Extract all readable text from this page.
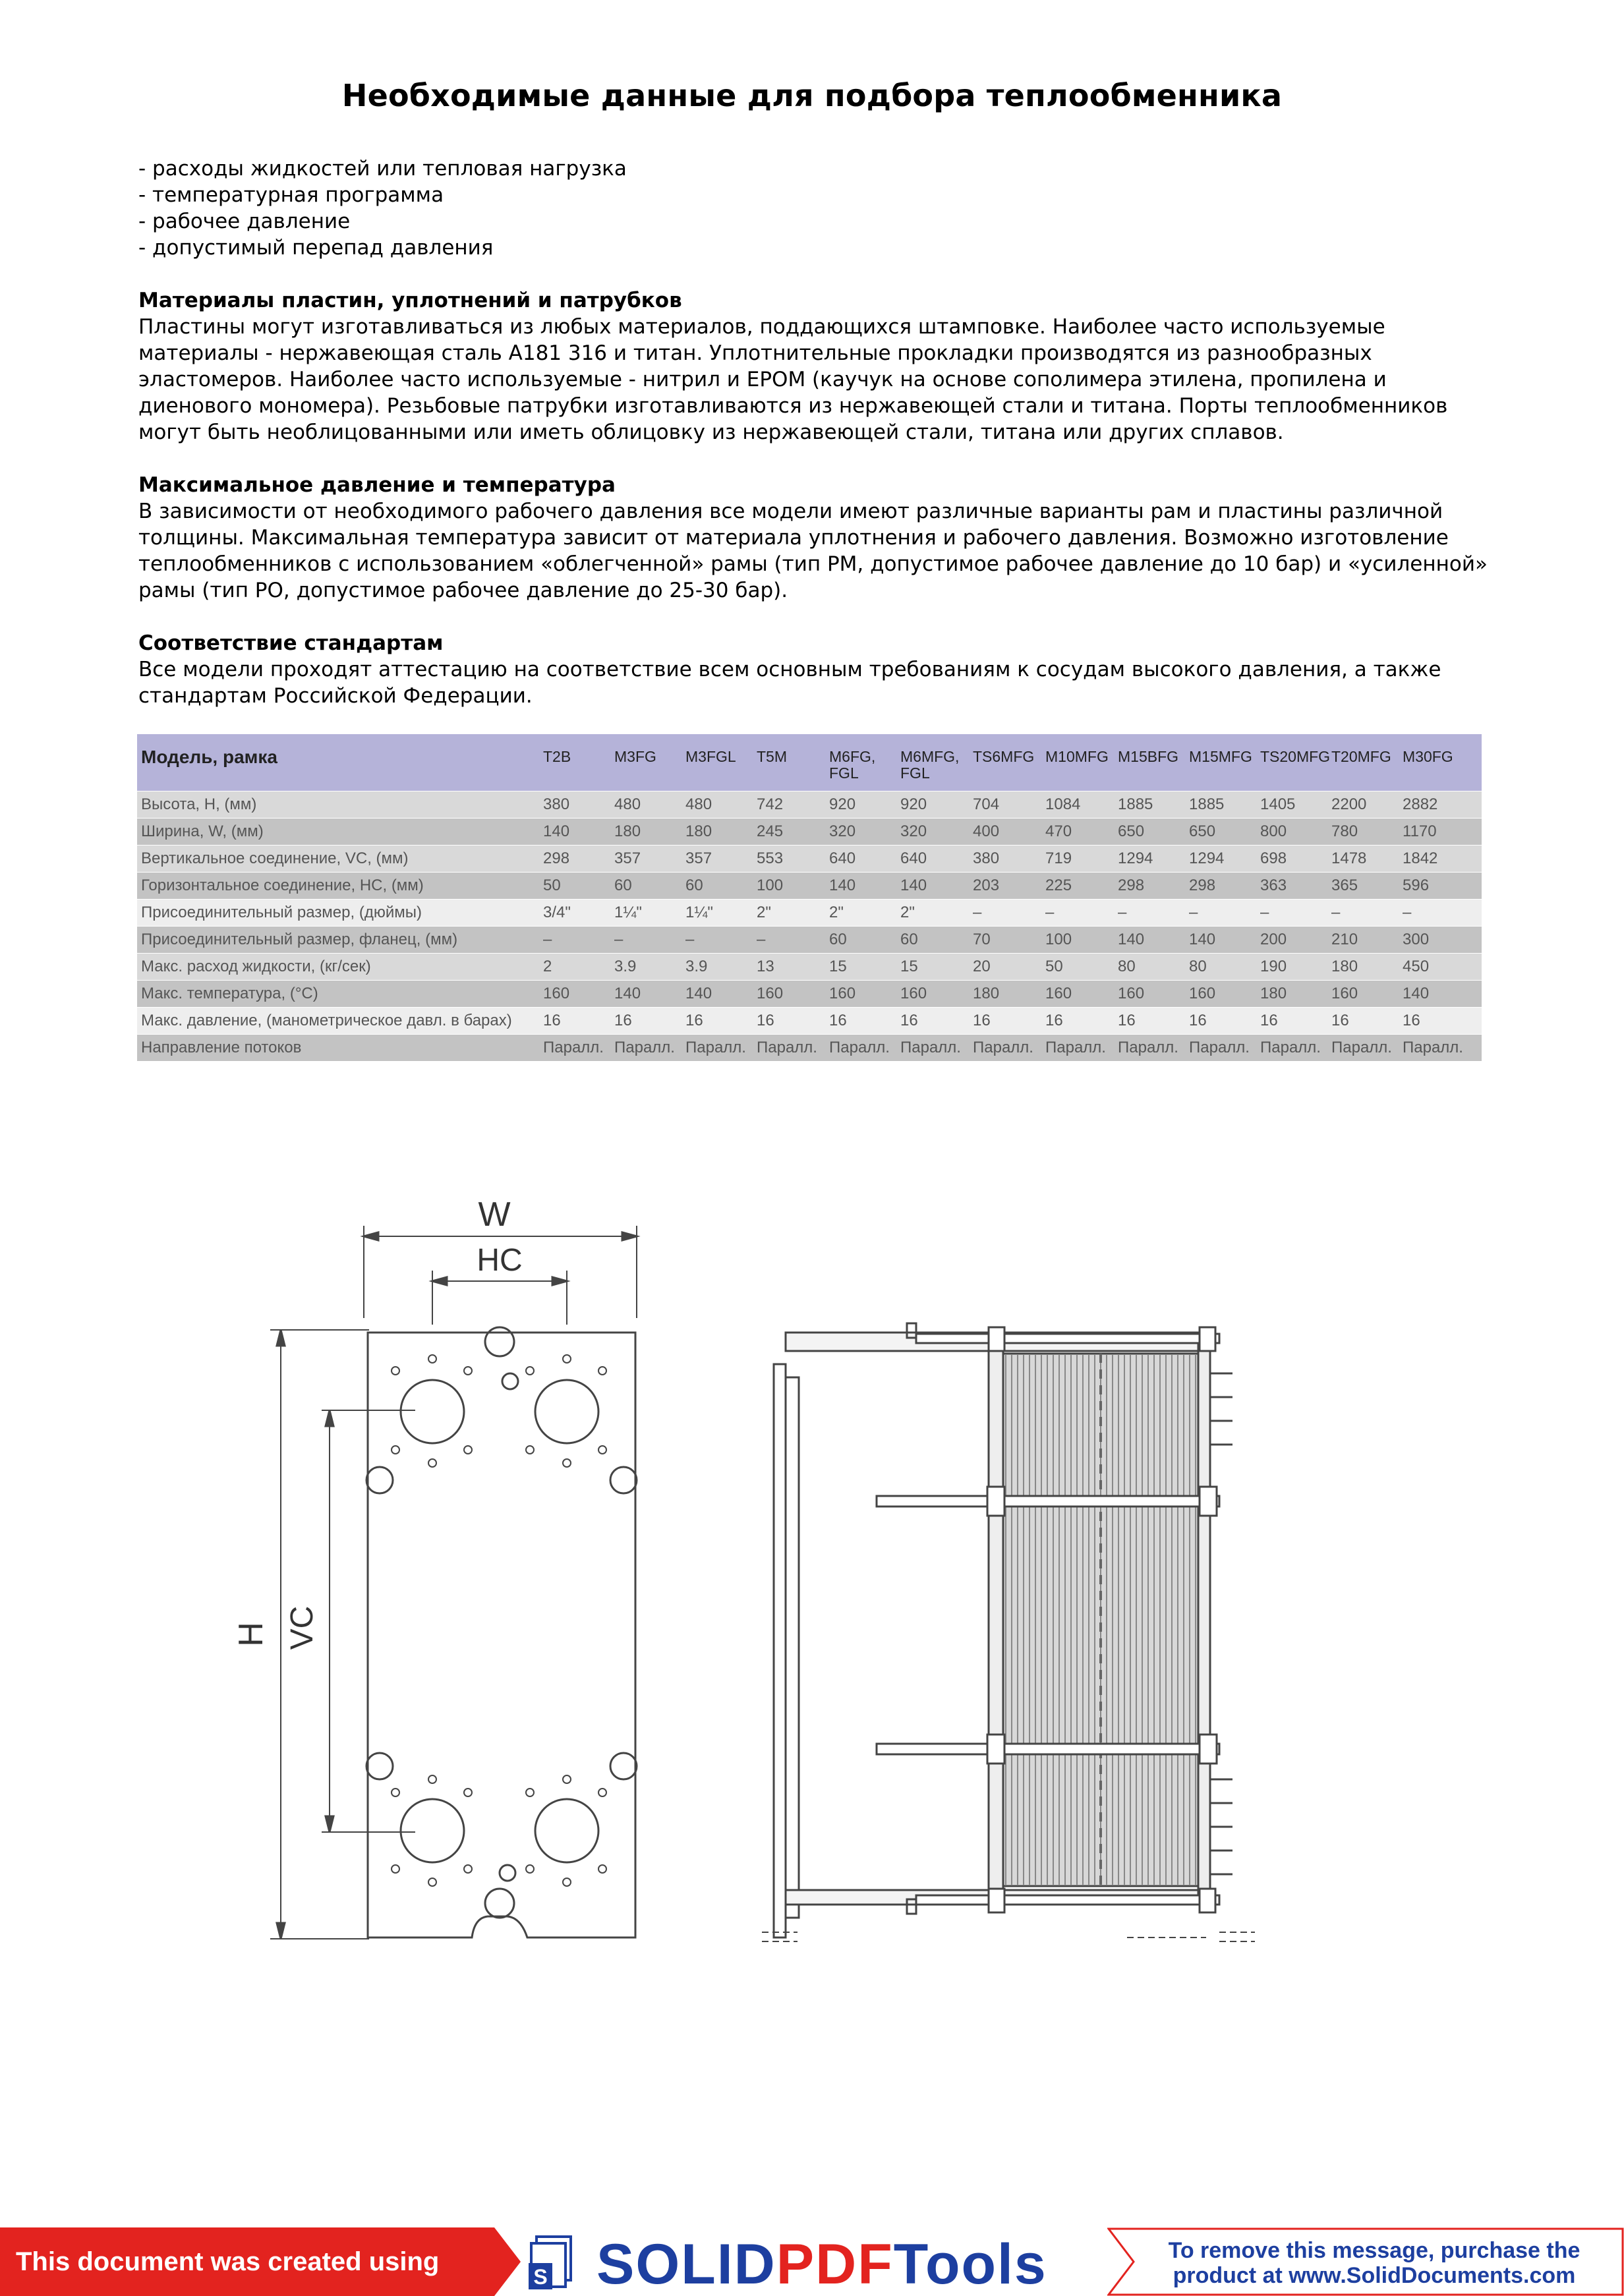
Необходимые данные для подбора теплообменника
- расходы жидкостей или тепловая нагрузка
- температурная программа
- рабочее давление
- допустимый перепад давления
Материалы пластин, уплотнений и патрубков

Пластины могут изготавливаться из любых материалов, поддающихся штамповке. Наиболее часто используемые материалы - нержавеющая сталь A181 316 и титан. Уплотнительные прокладки производятся из разнообразных эластомеров. Наиболее часто используемые - нитрил и EPOM (каучук на основе сополимера этилена, пропилена и диенового мономера). Резьбовые патрубки изготавливаются из нержавеющей стали и титана. Порты теплообменников могут быть необлицованными или иметь облицовку из нержавеющей стали, титана или других сплавов.

Максимальное давление и температура

В зависимости от необходимого рабочего давления все модели имеют различные варианты рам и пластины различной толщины. Максимальная температура зависит от материала уплотнения и рабочего давления. Возможно изготовление теплообменников с использованием «облегченной» рамы (тип PM, допустимое рабочее давление до 10 бар) и «усиленной» рамы (тип PO, допустимое рабочее давление до 25-30 бар).

Соответствие стандартам

Все модели проходят аттестацию на соответствие всем основным требованиям к сосудам высокого давления, а также стандартам Российской Федерации.

Модель, рамка	T2B	M3FG	M3FGL	T5M	M6FG, FGL	M6MFG, FGL	TS6MFG	M10MFG	M15BFG	M15MFG	TS20MFG	T20MFG	M30FG
Высота, H, (мм)	380	480	480	742	920	920	704	1084	1885	1885	1405	2200	2882
Ширина, W, (мм)	140	180	180	245	320	320	400	470	650	650	800	780	1170
Вертикальное соединение, VC, (мм)	298	357	357	553	640	640	380	719	1294	1294	698	1478	1842
Горизонтальное соединение, HC, (мм)	50	60	60	100	140	140	203	225	298	298	363	365	596
Присоединительный размер, (дюймы)	3/4"	1¼"	1¼"	2"	2"	2"	–	–	–	–	–	–	–
Присоединительный размер, фланец, (мм)	–	–	–	–	60	60	70	100	140	140	200	210	300
Макс. расход жидкости, (кг/сек)	2	3.9	3.9	13	15	15	20	50	80	80	190	180	450
Макс. температура, (°C)	160	140	140	160	160	160	180	160	160	160	180	160	140
Макс. давление, (манометрическое давл. в барах)	16	16	16	16	16	16	16	16	16	16	16	16	16
Направление потоков	Паралл.	Паралл.	Паралл.	Паралл.	Паралл.	Паралл.	Паралл.	Паралл.	Паралл.	Паралл.	Паралл.	Паралл.	Паралл.
W
HC
H VC
This document was created using
S SOLIDPDFTools	To remove this message, purchase the
product at www.SolidDocuments.com
